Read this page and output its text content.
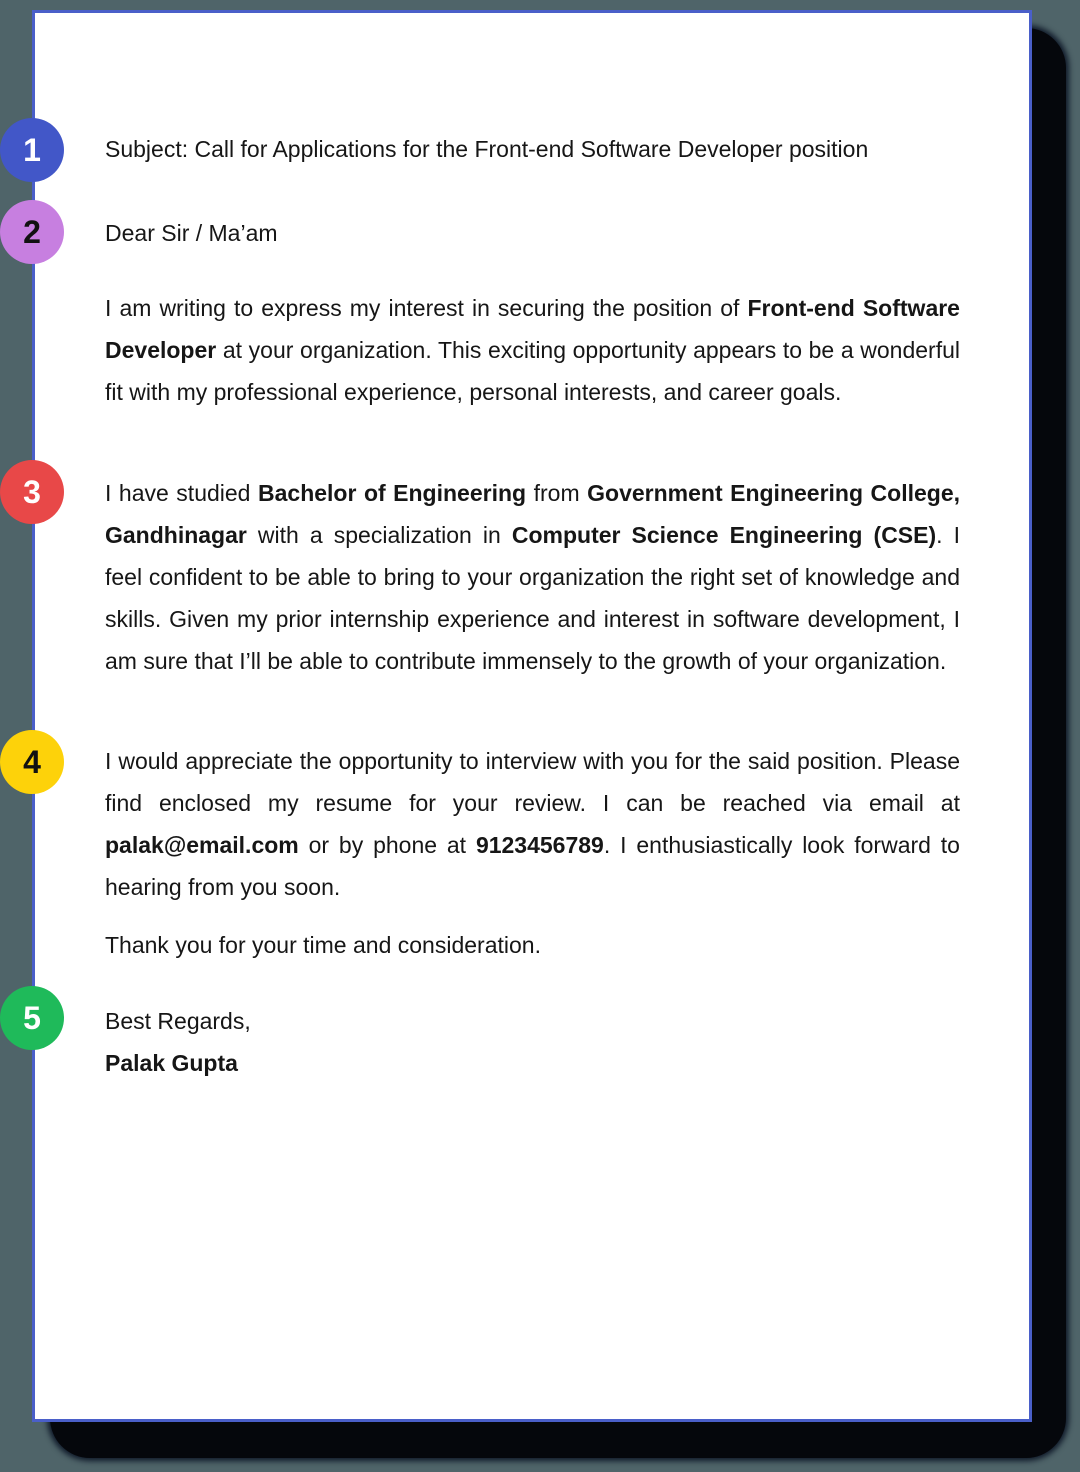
1
2
3
4
5
Subject: Call for Applications for the Front-end Software Developer position
Dear Sir / Ma’am
I am writing to express my interest in securing the position of Front-end Software Developer at your organization. This exciting opportunity appears to be a wonderful fit with my professional experience, personal interests, and career goals.
I have studied Bachelor of Engineering from Government Engineering College, Gandhinagar with a specialization in Computer Science Engineering (CSE). I feel confident to be able to bring to your organization the right set of knowledge and skills. Given my prior internship experience and interest in software development, I am sure that I’ll be able to contribute immensely to the growth of your organization.
I would appreciate the opportunity to interview with you for the said position. Please find enclosed my resume for your review. I can be reached via email at palak@email.com or by phone at 9123456789. I enthusiastically look forward to hearing from you soon.
Thank you for your time and consideration.
Best Regards,
Palak Gupta
